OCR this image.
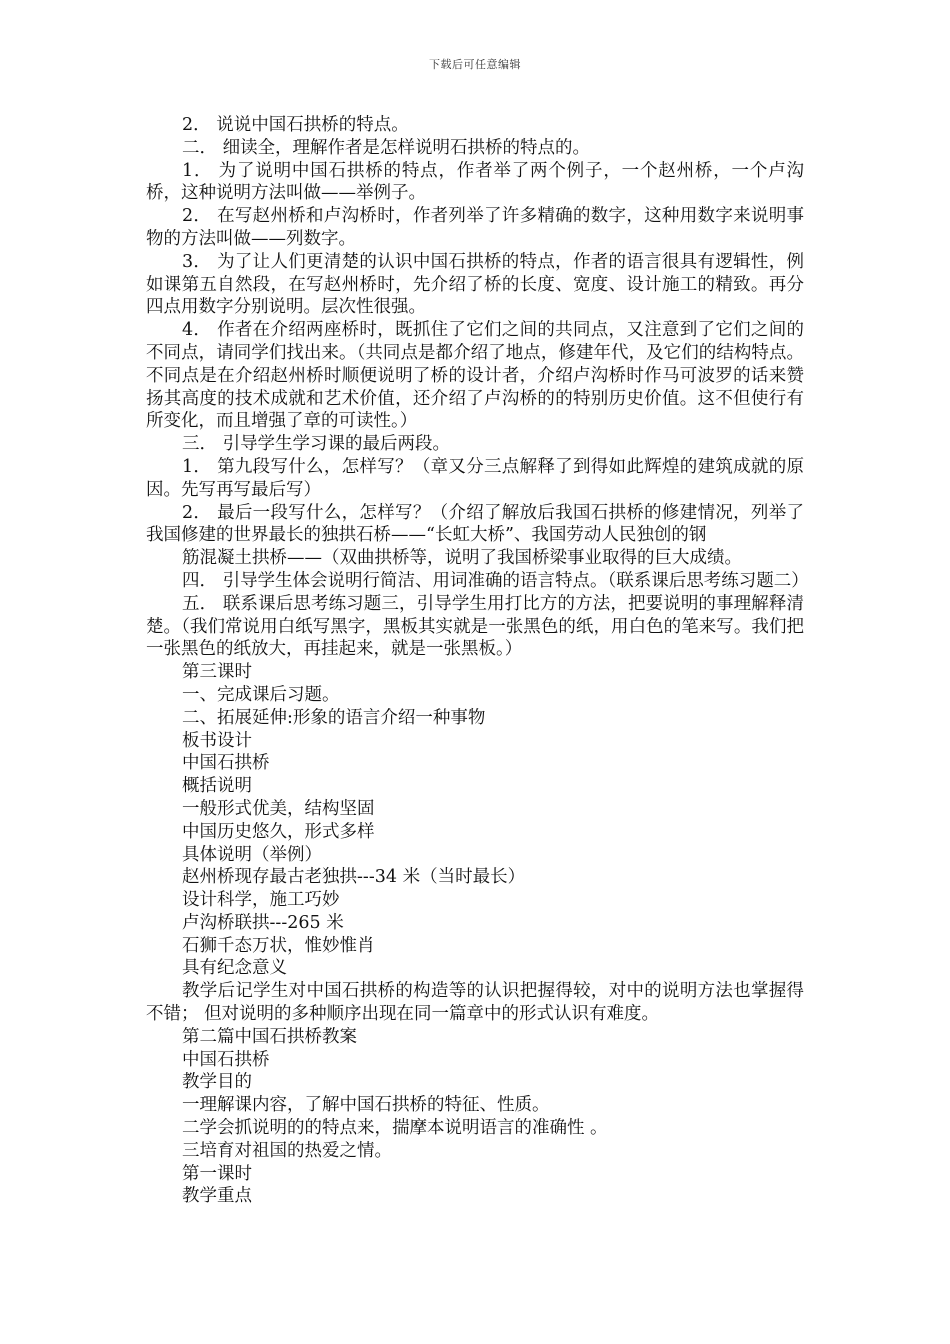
下载后可任意编辑

2． 说说中国石拱桥的特点。

二． 细读全，理解作者是怎样说明石拱桥的特点的。

1． 为了说明中国石拱桥的特点，作者举了两个例子，一个赵州桥，一个卢沟桥，这种说明方法叫做——举例子。

2． 在写赵州桥和卢沟桥时，作者列举了许多精确的数字，这种用数字来说明事物的方法叫做——列数字。

3． 为了让人们更清楚的认识中国石拱桥的特点，作者的语言很具有逻辑性，例如课第五自然段，在写赵州桥时，先介绍了桥的长度、宽度、设计施工的精致。再分四点用数字分别说明。层次性很强。

4． 作者在介绍两座桥时，既抓住了它们之间的共同点，又注意到了它们之间的不同点，请同学们找出来。（共同点是都介绍了地点，修建年代，及它们的结构特点。不同点是在介绍赵州桥时顺便说明了桥的设计者，介绍卢沟桥时作马可波罗的话来赞扬其高度的技术成就和艺术价值，还介绍了卢沟桥的的特别历史价值。这不但使行有所变化，而且增强了章的可读性。）

三． 引导学生学习课的最后两段。

1． 第九段写什么，怎样写？（章又分三点解释了到得如此辉煌的建筑成就的原因。先写再写最后写）

2． 最后一段写什么，怎样写？（介绍了解放后我国石拱桥的修建情况，列举了我国修建的世界最长的独拱石桥——“长虹大桥”、我国劳动人民独创的钢

筋混凝土拱桥——（双曲拱桥等，说明了我国桥梁事业取得的巨大成绩。

四． 引导学生体会说明行简洁、用词准确的语言特点。（联系课后思考练习题二）

五． 联系课后思考练习题三，引导学生用打比方的方法，把要说明的事理解释清楚。（我们常说用白纸写黑字，黑板其实就是一张黑色的纸，用白色的笔来写。我们把一张黑色的纸放大，再挂起来，就是一张黑板。）

第三课时

一、完成课后习题。

二、拓展延伸:形象的语言介绍一种事物

板书设计

中国石拱桥

概括说明

一般形式优美，结构坚固

中国历史悠久，形式多样

具体说明（举例）

赵州桥现存最古老独拱---34 米（当时最长）

设计科学，施工巧妙

卢沟桥联拱---265 米

石狮千态万状，惟妙惟肖

具有纪念意义

教学后记学生对中国石拱桥的构造等的认识把握得较，对中的说明方法也掌握得不错； 但对说明的多种顺序出现在同一篇章中的形式认识有难度。

第二篇中国石拱桥教案

中国石拱桥

教学目的

一理解课内容，了解中国石拱桥的特征、性质。

二学会抓说明的的特点来，揣摩本说明语言的准确性 。

三培育对祖国的热爱之情。

第一课时

教学重点
